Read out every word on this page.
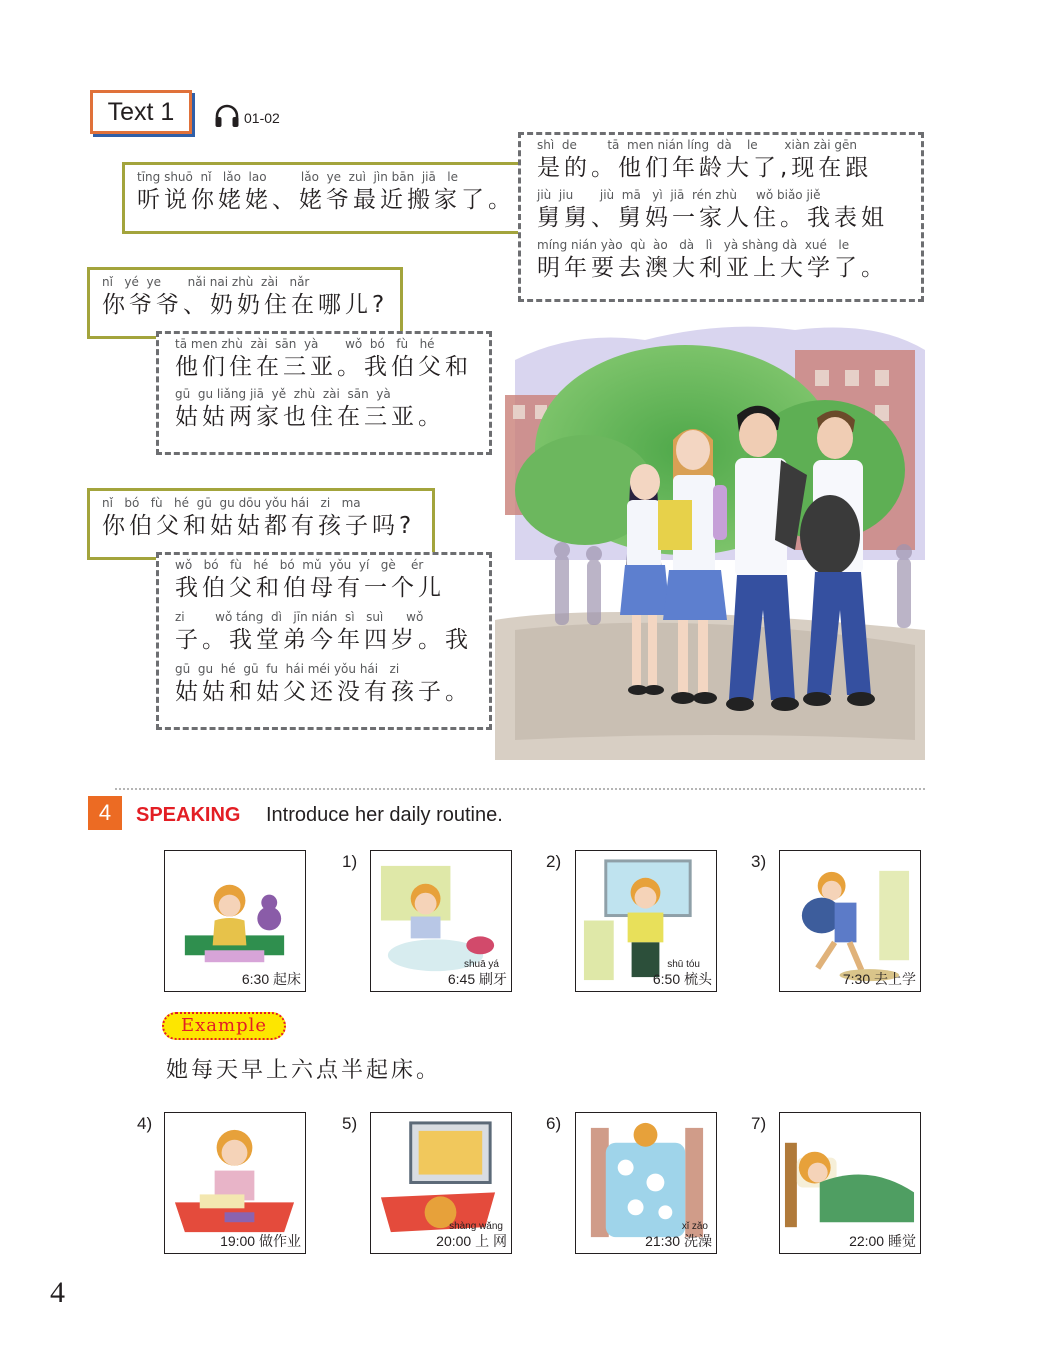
Text 1	01-02
tīng shuō  nǐ   lǎo  lao         lǎo  ye  zuì  jìn bān  jiā   le
听说你姥姥、姥爷最近搬家了。
shì  de        tā  men nián líng  dà    le       xiàn zài gēn
是的。他们年龄大了,现在跟
jiù  jiu       jiù  mā   yì  jiā  rén zhù     wǒ biǎo jiě
舅舅、舅妈一家人住。我表姐
míng nián yào  qù  ào   dà   lì   yà shàng dà  xué   le
明年要去澳大利亚上大学了。
nǐ   yé  ye       nǎi nai zhù  zài   nǎr
你爷爷、奶奶住在哪儿?
tā men zhù  zài  sān  yà       wǒ  bó   fù   hé
他们住在三亚。我伯父和
gū  gu liǎng jiā  yě  zhù  zài  sān  yà
姑姑两家也住在三亚。
nǐ   bó   fù   hé  gū  gu dōu yǒu hái   zi   ma
你伯父和姑姑都有孩子吗?
wǒ   bó   fù   hé   bó  mǔ  yǒu  yí   gè    ér
我伯父和伯母有一个儿
zi        wǒ táng  dì   jīn nián  sì   suì      wǒ
子。我堂弟今年四岁。我
gū  gu  hé  gū  fu  hái méi yǒu hái   zi
姑姑和姑父还没有孩子。
4	SPEAKING Introduce her daily routine.
6:30 起床
1)
shuā yá
6:45 刷牙
2)
shū tóu
6:50 梳头
3)
7:30 去上学
Example
她每天早上六点半起床。
4)
19:00 做作业
5)
shàng wǎng
20:00 上 网
6)
xǐ zǎo
21:30 洗澡
7)
22:00 睡觉
4
